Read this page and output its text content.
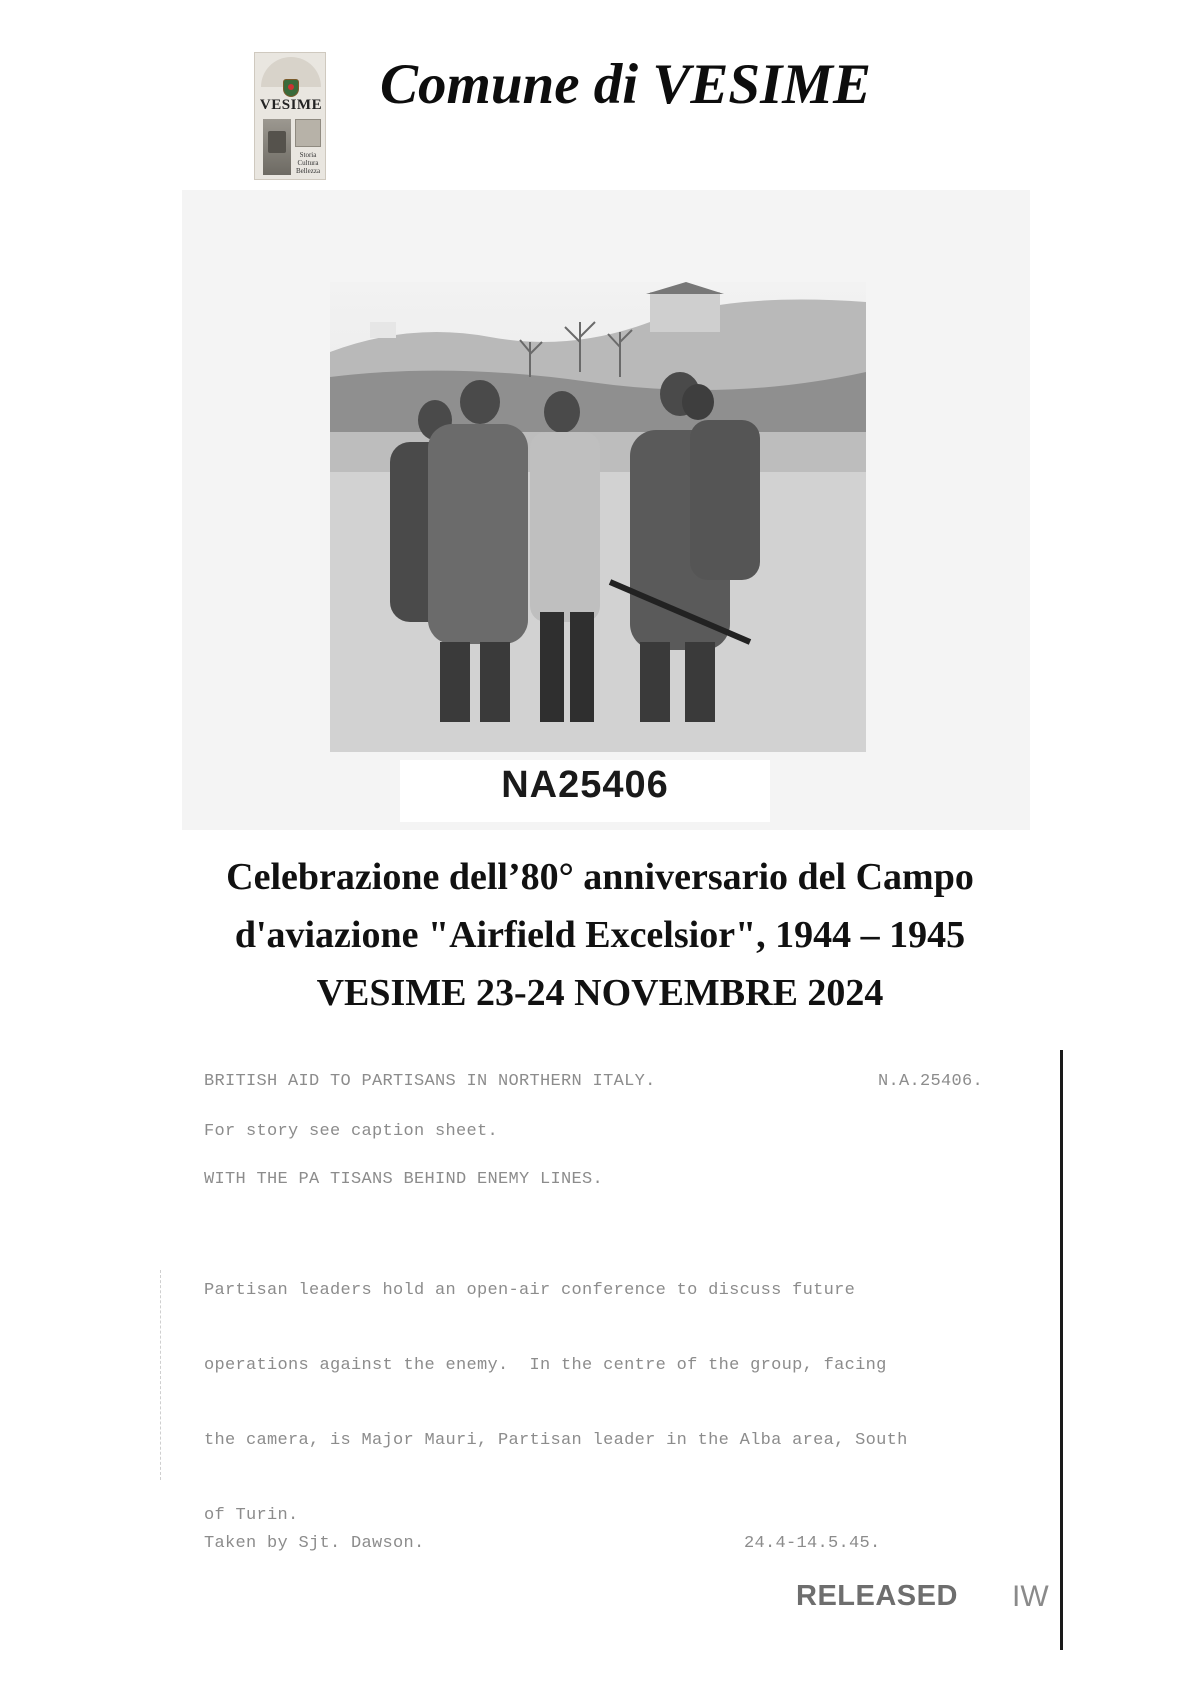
VESIME
Storia
Cultura
Bellezza
Comune di VESIME
NA25406
Celebrazione dell’80° anniversario del Campo
d'aviazione "Airfield Excelsior", 1944 – 1945
VESIME 23-24 NOVEMBRE 2024
BRITISH AID TO PARTISANS IN NORTHERN ITALY.	N.A.25406.
For story see caption sheet.
WITH THE PA TISANS BEHIND ENEMY LINES.

Partisan leaders hold an open-air conference to discuss future

operations against the enemy.  In the centre of the group, facing

the camera, is Major Mauri, Partisan leader in the Alba area, South

of Turin.

Taken by Sjt. Dawson.	24.4-14.5.45.
RELEASED IW
